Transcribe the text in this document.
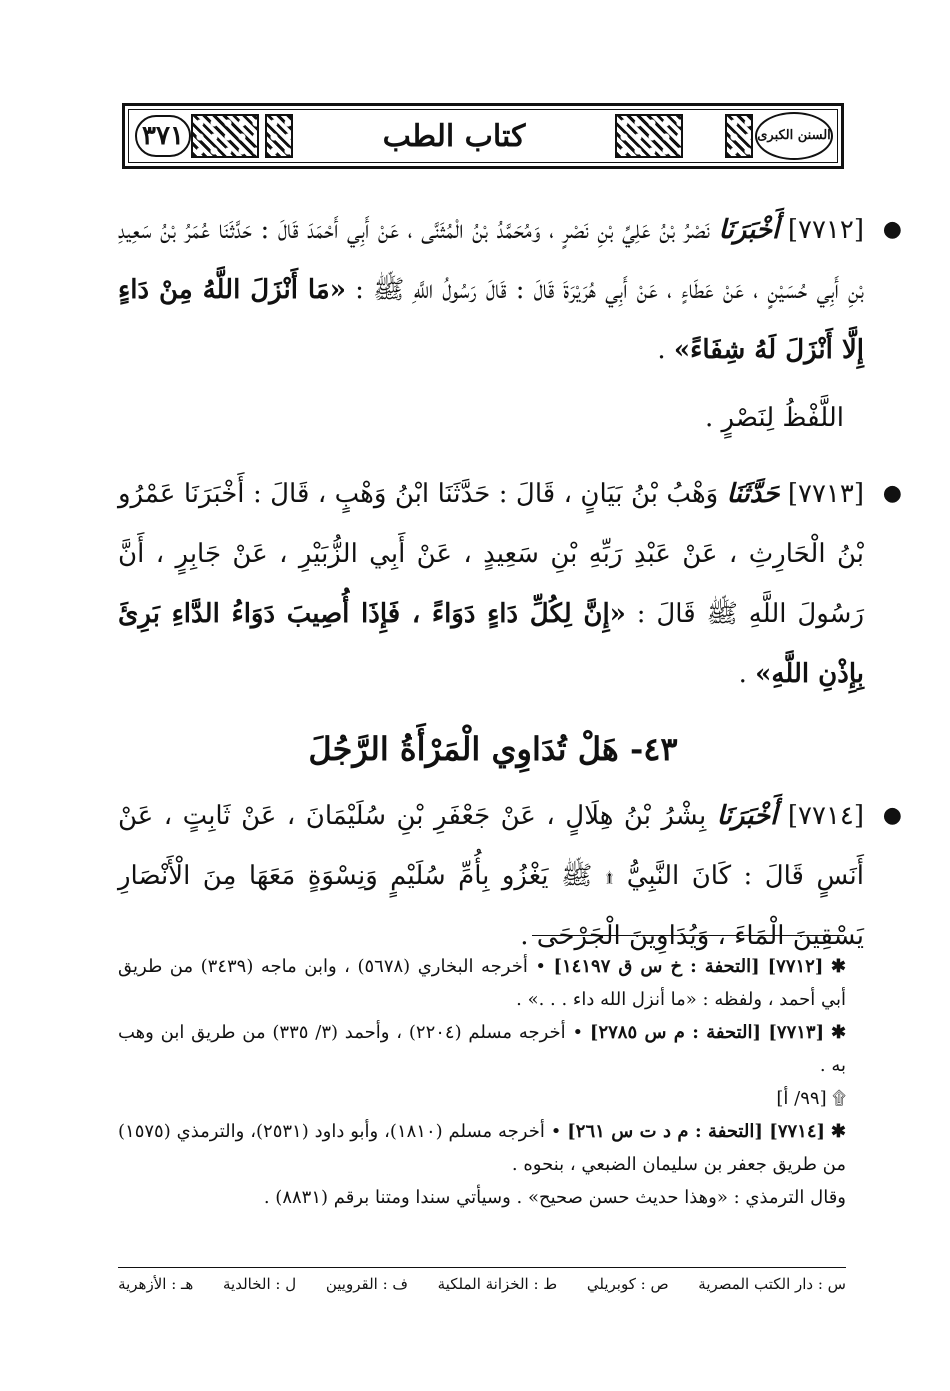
٣٧١	كتاب الطب	السنن الكبرى

●
[٧٧١٢] أَخْبَرَنَا نَصْرُ بْنُ عَلِيِّ بْنِ نَصْرٍ ، وَمُحَمَّدُ بْنُ الْمُثَنَّى ، عَنْ أَبِي أَحْمَدَ قَالَ : حَدَّثَنَا عُمَرُ بْنُ سَعِيدِ بْنِ أَبِي حُسَيْنٍ ، عَنْ عَطَاءٍ ، عَنْ أَبِي هُرَيْرَةَ قَالَ : قَالَ رَسُولُ اللَّهِ ﷺ : «مَا أَنْزَلَ اللَّهُ مِنْ دَاءٍ إِلَّا أَنْزَلَ لَهُ شِفَاءً» .

اللَّفْظُ لِنَصْرٍ .

●
[٧٧١٣] حَدَّثَنَا وَهْبُ بْنُ بَيَانٍ ، قَالَ : حَدَّثَنَا ابْنُ وَهْبٍ ، قَالَ : أَخْبَرَنَا عَمْرُو بْنُ الْحَارِثِ ، عَنْ عَبْدِ رَبِّهِ بْنِ سَعِيدٍ ، عَنْ أَبِي الزُّبَيْرِ ، عَنْ جَابِرٍ ، أَنَّ رَسُولَ اللَّهِ ﷺ قَالَ : «إِنَّ لِكُلِّ دَاءٍ دَوَاءً ، فَإِذَا أُصِيبَ دَوَاءُ الدَّاءِ بَرِئَ بِإِذْنِ اللَّهِ» .

٤٣- هَلْ تُدَاوِي الْمَرْأَةُ الرَّجُلَ

●
[٧٧١٤] أَخْبَرَنَا بِشْرُ بْنُ هِلَالٍ ، عَنْ جَعْفَرِ بْنِ سُلَيْمَانَ ، عَنْ ثَابِتٍ ، عَنْ أَنَسٍ قَالَ : كَانَ النَّبِيُّ ۩ ﷺ يَغْزُو بِأُمِّ سُلَيْمٍ وَنِسْوَةٍ مَعَهَا مِنَ الْأَنْصَارِ يَسْقِينَ الْمَاءَ ، وَيُدَاوِينَ الْجَرْحَى .

✱ [٧٧١٢] [التحفة : خ س ق ١٤١٩٧] • أخرجه البخاري (٥٦٧٨) ، وابن ماجه (٣٤٣٩) من طريق أبي أحمد ، ولفظه : «ما أنزل الله داء . . .» .

✱ [٧٧١٣] [التحفة : م س ٢٧٨٥] • أخرجه مسلم (٢٢٠٤) ، وأحمد (٣/ ٣٣٥) من طريق ابن وهب به .

۩ [٩٩/ أ]

✱ [٧٧١٤] [التحفة : م د ت س ٢٦١] • أخرجه مسلم (١٨١٠)، وأبو داود (٢٥٣١)، والترمذي (١٥٧٥) من طريق جعفر بن سليمان الضبعي ، بنحوه .

وقال الترمذي : «وهذا حديث حسن صحيح» . وسيأتي سندا ومتنا برقم (٨٨٣١) .

س : دار الكتب المصرية
ص : كوبريلي
ط : الخزانة الملكية
ف : القرويين
ل : الخالدية
هـ : الأزهرية
